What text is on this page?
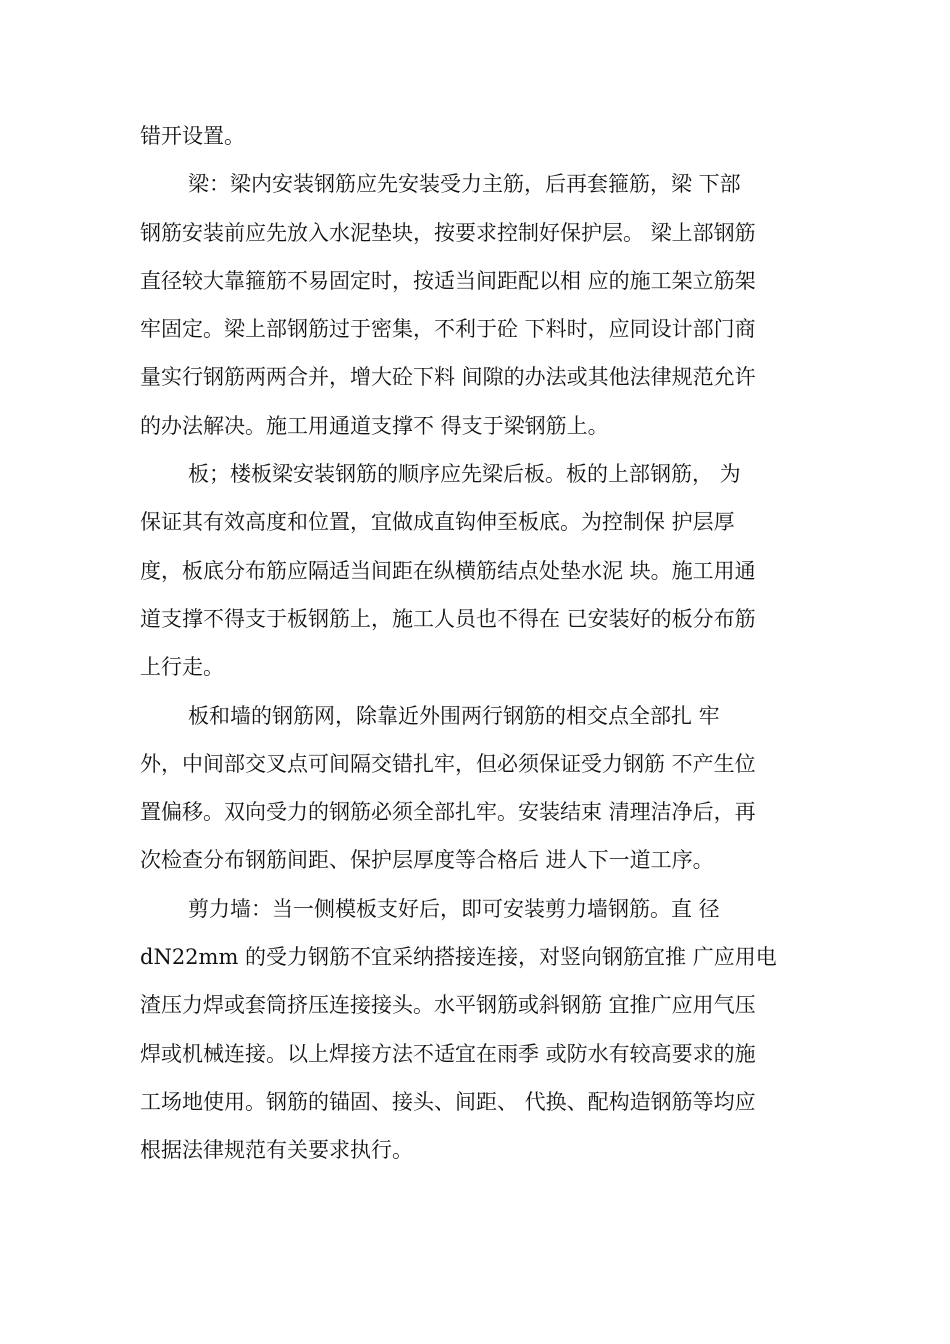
错开设置。
梁：梁内安装钢筋应先安装受力主筋，后再套箍筋，梁 下部
钢筋安装前应先放入水泥垫块，按要求控制好保护层。 梁上部钢筋
直径较大靠箍筋不易固定时，按适当间距配以相 应的施工架立筋架
牢固定。梁上部钢筋过于密集，不利于砼 下料时，应同设计部门商
量实行钢筋两两合并，增大砼下料 间隙的办法或其他法律规范允许
的办法解决。施工用通道支撑不 得支于梁钢筋上。
板；楼板梁安装钢筋的顺序应先梁后板。板的上部钢筋， 为
保证其有效高度和位置，宜做成直钩伸至板底。为控制保 护层厚
度，板底分布筋应隔适当间距在纵横筋结点处垫水泥 块。施工用通
道支撑不得支于板钢筋上，施工人员也不得在 已安装好的板分布筋
上行走。
板和墙的钢筋网，除靠近外围两行钢筋的相交点全部扎 牢
外，中间部交叉点可间隔交错扎牢，但必须保证受力钢筋 不产生位
置偏移。双向受力的钢筋必须全部扎牢。安装结束 清理洁净后，再
次检查分布钢筋间距、保护层厚度等合格后 进人下一道工序。
剪力墙：当一侧模板支好后，即可安装剪力墙钢筋。直 径
dN22mm 的受力钢筋不宜采纳搭接连接，对竖向钢筋宜推 广应用电
渣压力焊或套筒挤压连接接头。水平钢筋或斜钢筋 宜推广应用气压
焊或机械连接。以上焊接方法不适宜在雨季 或防水有较高要求的施
工场地使用。钢筋的锚固、接头、间距、 代换、配构造钢筋等均应
根据法律规范有关要求执行。
